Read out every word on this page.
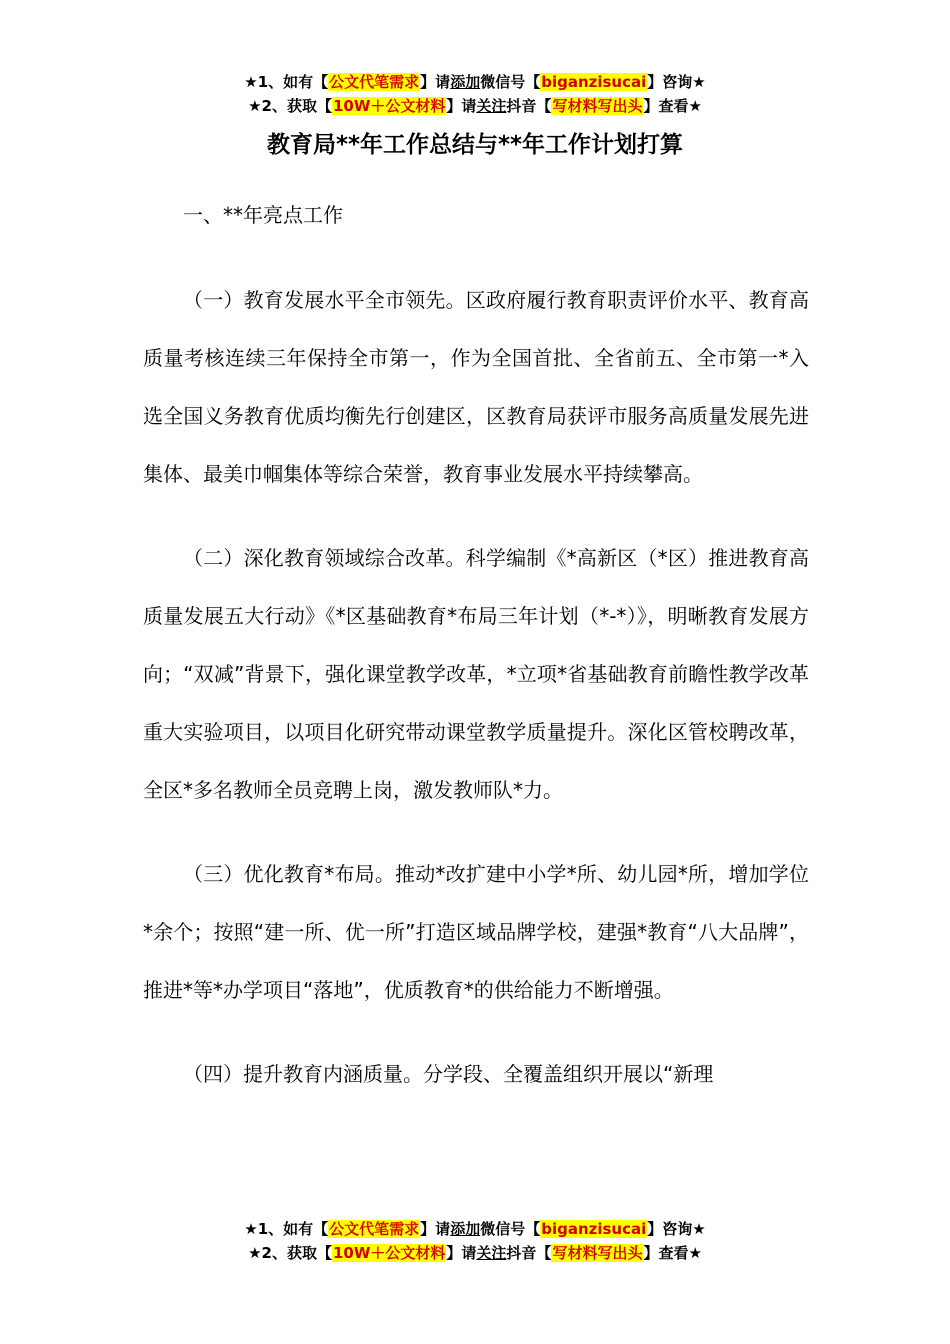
★1、如有【公文代笔需求】请添加微信号【biganzisucai】咨询★
★2、获取【10W＋公文材料】请关注抖音【写材料写出头】查看★
教育局**年工作总结与**年工作计划打算

一、**年亮点工作

（一）教育发展水平全市领先。区政府履行教育职责评价水平、教育高质量考核连续三年保持全市第一，作为全国首批、全省前五、全市第一*入选全国义务教育优质均衡先行创建区，区教育局获评市服务高质量发展先进集体、最美巾帼集体等综合荣誉，教育事业发展水平持续攀高。

（二）深化教育领域综合改革。科学编制《*高新区（*区）推进教育高质量发展五大行动》《*区基础教育*布局三年计划（*-*）》，明晰教育发展方向；“双减”背景下，强化课堂教学改革，*立项*省基础教育前瞻性教学改革重大实验项目，以项目化研究带动课堂教学质量提升。深化区管校聘改革，全区*多名教师全员竞聘上岗，激发教师队*力。

（三）优化教育*布局。推动*改扩建中小学*所、幼儿园*所，增加学位*余个；按照“建一所、优一所”打造区域品牌学校，建强*教育“八大品牌”，推进*等*办学项目“落地”，优质教育*的供给能力不断增强。

（四）提升教育内涵质量。分学段、全覆盖组织开展以“新理

★1、如有【公文代笔需求】请添加微信号【biganzisucai】咨询★
★2、获取【10W＋公文材料】请关注抖音【写材料写出头】查看★
